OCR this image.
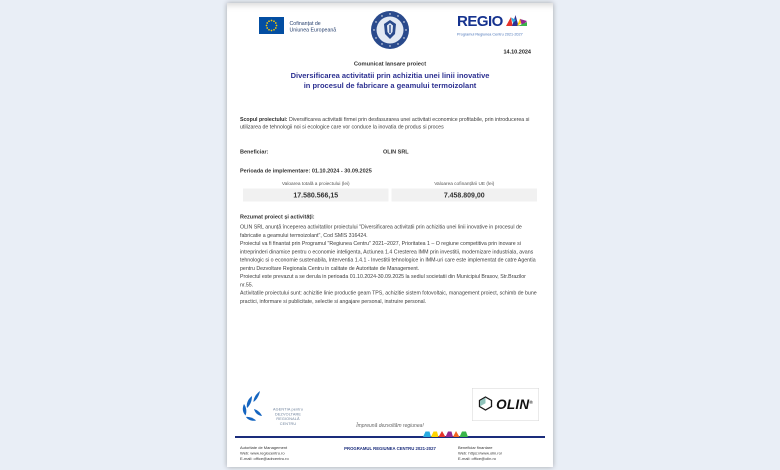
Cofinanțat de
Uniunea Europeană
REGIO
Programul Regiunea Centru 2021-2027
14.10.2024
Comunicat lansare proiect
Diversificarea activitatii prin achizitia unei linii inovative
in procesul de fabricare a geamului termoizolant

Scopul proiectului: Diversificarea activitatii firmei prin desfasurarea unei activitati economice profitabile, prin introducerea si utilizarea de tehnologii noi si ecologice care vor conduce la inovatia de produs si proces

Beneficiar:	OLIN SRL
Perioada de implementare: 01.10.2024 - 30.09.2025
Valoarea totală a proiectului (lei)
17.580.566,15
Valoarea cofinanțării UE (lei)
7.458.809,00
Rezumat proiect și activități:

OLIN SRL anunță începerea activitatilor proiectului "Diversificarea activitatii prin achizitia unei linii inovative in procesul de fabricatie a geamului termoizolant", Cod SMIS 316424.

Proiectul va fi finantat prin Programul "Regiunea Centru" 2021–2027, Prioritatea 1 – O regiune competitiva prin inovare si intreprinderi dinamice pentru o economie inteligenta, Actiunea 1.4 Cresterea IMM prin investitii, modernizare industriala, avans tehnologic si o economie sustenabila, Interventia 1.4.1 - Investitii tehnologice in IMM-uri care este implementat de catre Agentia pentru Dezvoltare Regionala Centru in calitate de Autoritate de Management.

Proiectul este prevazut a se derula in perioada 01.10.2024-30.09.2025 la sediul societatii din Municipiul Brasov, Str.Brazilor nr.55.

Activitatile proiectului sunt: achizitie linie productie geam TPS, achizitie sistem fotovoltaic, management proiect, schimb de bune practici, informare si publicitate, selectie si angajare personal, instruire personal.

AGENTIA pentru
DEZVOLTARE
REGIONALĂ
CENTRU	Împreună dezvoltăm regiunea!
OLIN®
Autoritate de Management
Web: www.regiocentru.ro
E-mail: office@adrcentru.ro
PROGRAMUL REGIUNEA CENTRU 2021-2027	Beneficiar finantare
Web: https://www.olin.ro/
E-mail: office@olin.ro
